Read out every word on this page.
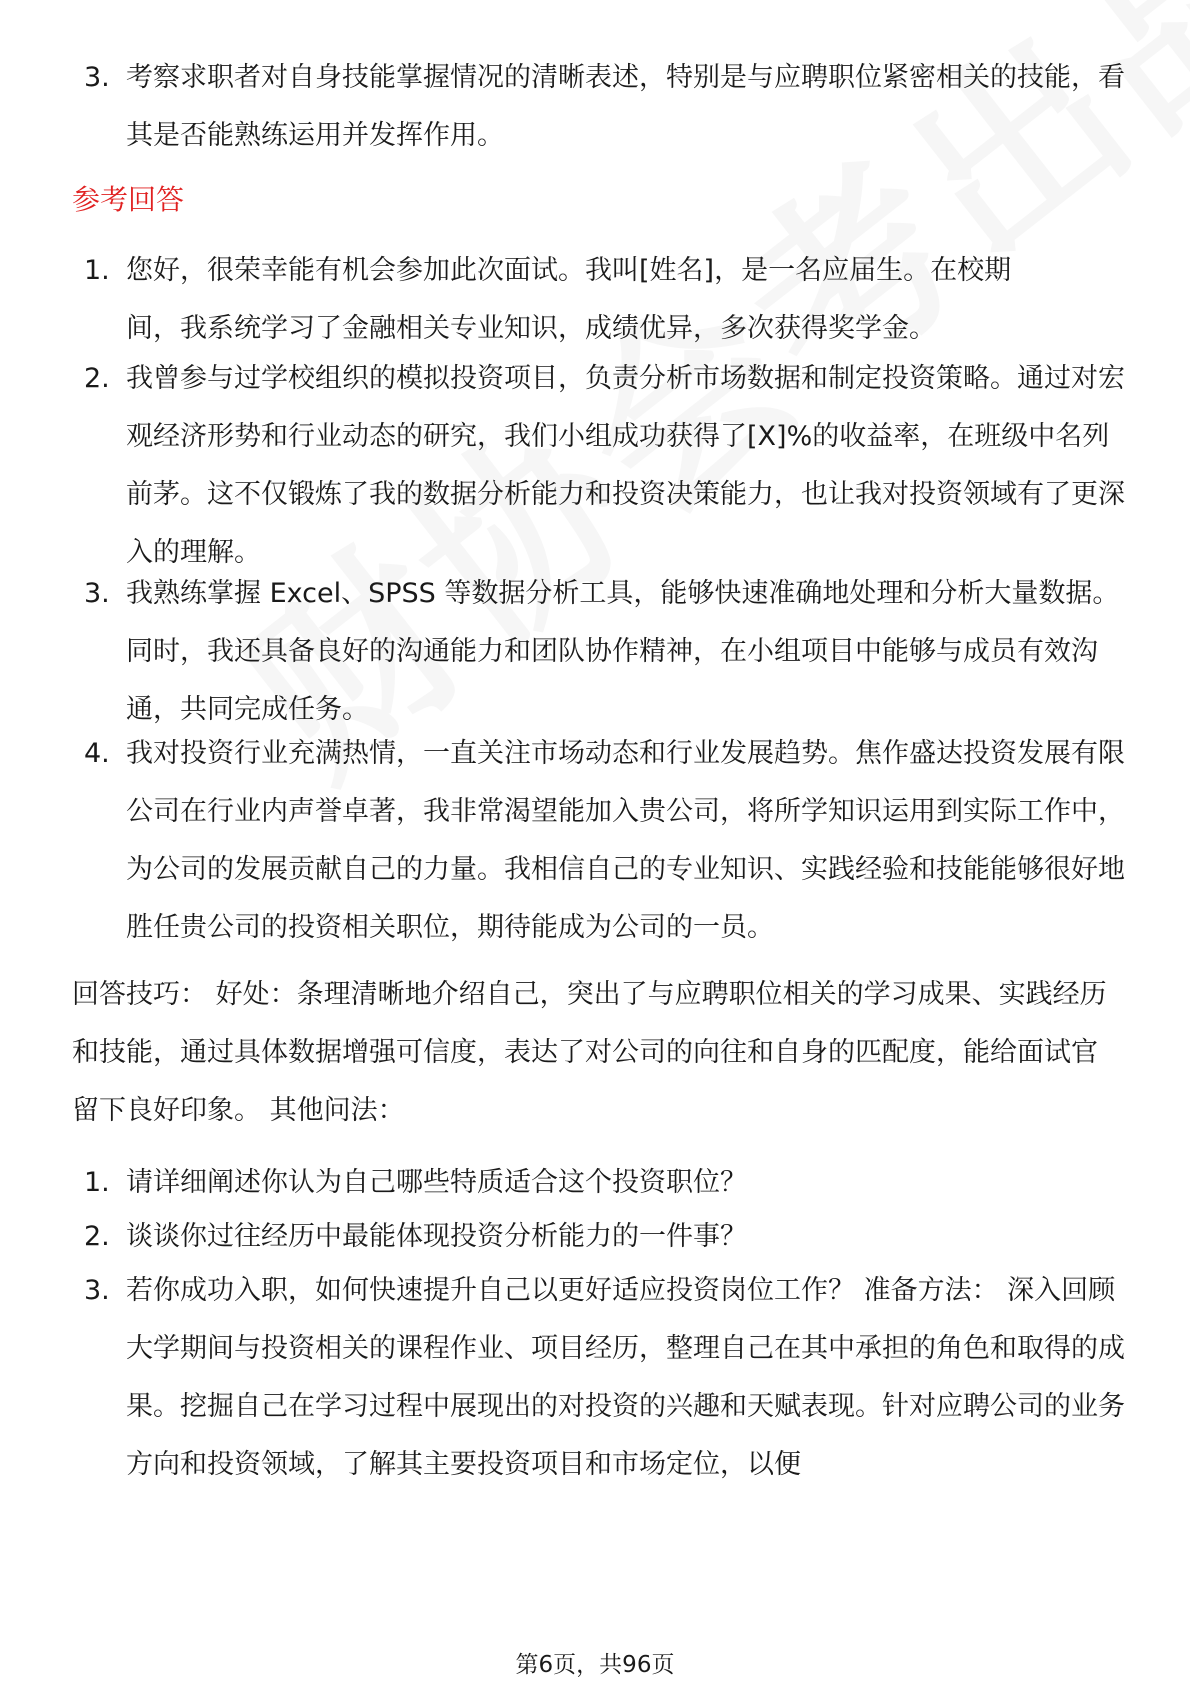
3. 考察求职者对自身技能掌握情况的清晰表述，特别是与应聘职位紧密相关的技能，看其是否能熟练运用并发挥作用。
参考回答
1. 您好，很荣幸能有机会参加此次面试。我叫[姓名]，是一名应届生。在校期间，我系统学习了金融相关专业知识，成绩优异，多次获得奖学金。
2. 我曾参与过学校组织的模拟投资项目，负责分析市场数据和制定投资策略。通过对宏观经济形势和行业动态的研究，我们小组成功获得了[X]%的收益率，在班级中名列前茅。这不仅锻炼了我的数据分析能力和投资决策能力，也让我对投资领域有了更深入的理解。
3. 我熟练掌握 Excel、SPSS 等数据分析工具，能够快速准确地处理和分析大量数据。同时，我还具备良好的沟通能力和团队协作精神，在小组项目中能够与成员有效沟通，共同完成任务。
4. 我对投资行业充满热情，一直关注市场动态和行业发展趋势。焦作盛达投资发展有限公司在行业内声誉卓著，我非常渴望能加入贵公司，将所学知识运用到实际工作中，为公司的发展贡献自己的力量。我相信自己的专业知识、实践经验和技能能够很好地胜任贵公司的投资相关职位，期待能成为公司的一员。
回答技巧： 好处：条理清晰地介绍自己，突出了与应聘职位相关的学习成果、实践经历和技能，通过具体数据增强可信度，表达了对公司的向往和自身的匹配度，能给面试官留下良好印象。 其他问法：
1. 请详细阐述你认为自己哪些特质适合这个投资职位？
2. 谈谈你过往经历中最能体现投资分析能力的一件事？
3. 若你成功入职，如何快速提升自己以更好适应投资岗位工作？ 准备方法： 深入回顾大学期间与投资相关的课程作业、项目经历，整理自己在其中承担的角色和取得的成果。挖掘自己在学习过程中展现出的对投资的兴趣和天赋表现。针对应聘公司的业务方向和投资领域，了解其主要投资项目和市场定位，以便
第6页，共96页
